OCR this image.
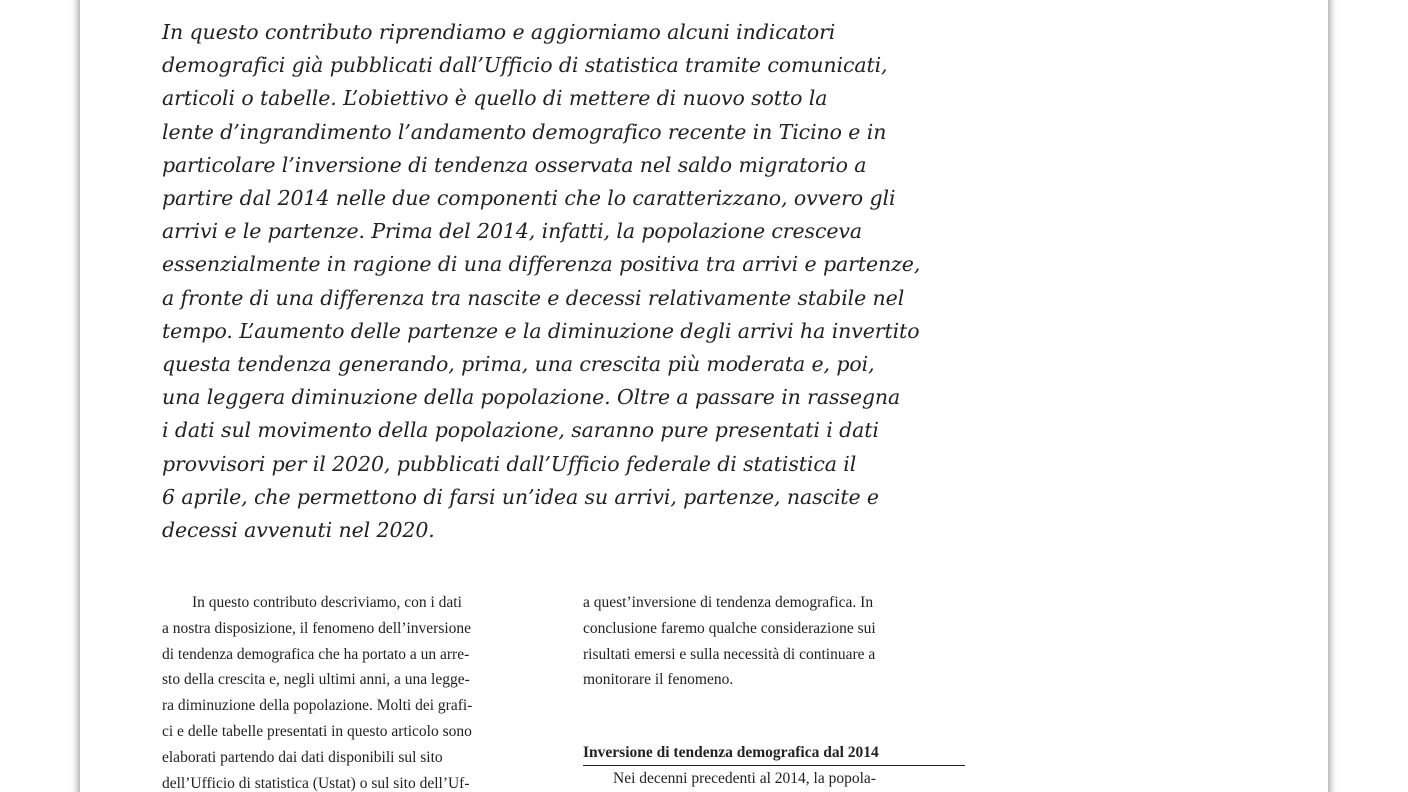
In questo contributo riprendiamo e aggiorniamo alcuni indicatori
demografici già pubblicati dall’Ufficio di statistica tramite comunicati,
articoli o tabelle. L’obiettivo è quello di mettere di nuovo sotto la
lente d’ingrandimento l’andamento demografico recente in Ticino e in
particolare l’inversione di tendenza osservata nel saldo migratorio a
partire dal 2014 nelle due componenti che lo caratterizzano, ovvero gli
arrivi e le partenze. Prima del 2014, infatti, la popolazione cresceva
essenzialmente in ragione di una differenza positiva tra arrivi e partenze,
a fronte di una differenza tra nascite e decessi relativamente stabile nel
tempo. L’aumento delle partenze e la diminuzione degli arrivi ha invertito
questa tendenza generando, prima, una crescita più moderata e, poi,
una leggera diminuzione della popolazione. Oltre a passare in rassegna
i dati sul movimento della popolazione, saranno pure presentati i dati
provvisori per il 2020, pubblicati dall’Ufficio federale di statistica il
6 aprile, che permettono di farsi un’idea su arrivi, partenze, nascite e
decessi avvenuti nel 2020.
In questo contributo descriviamo, con i dati
a nostra disposizione, il fenomeno dell’inversione
di tendenza demografica che ha portato a un arre-
sto della crescita e, negli ultimi anni, a una legge-
ra diminuzione della popolazione. Molti dei grafi-
ci e delle tabelle presentati in questo articolo sono
elaborati partendo dai dati disponibili sul sito
dell’Ufficio di statistica (Ustat) o sul sito dell’Uf-
a quest’inversione di tendenza demografica. In
conclusione faremo qualche considerazione sui
risultati emersi e sulla necessità di continuare a
monitorare il fenomeno.
Inversione di tendenza demografica dal 2014
Nei decenni precedenti al 2014, la popola-
